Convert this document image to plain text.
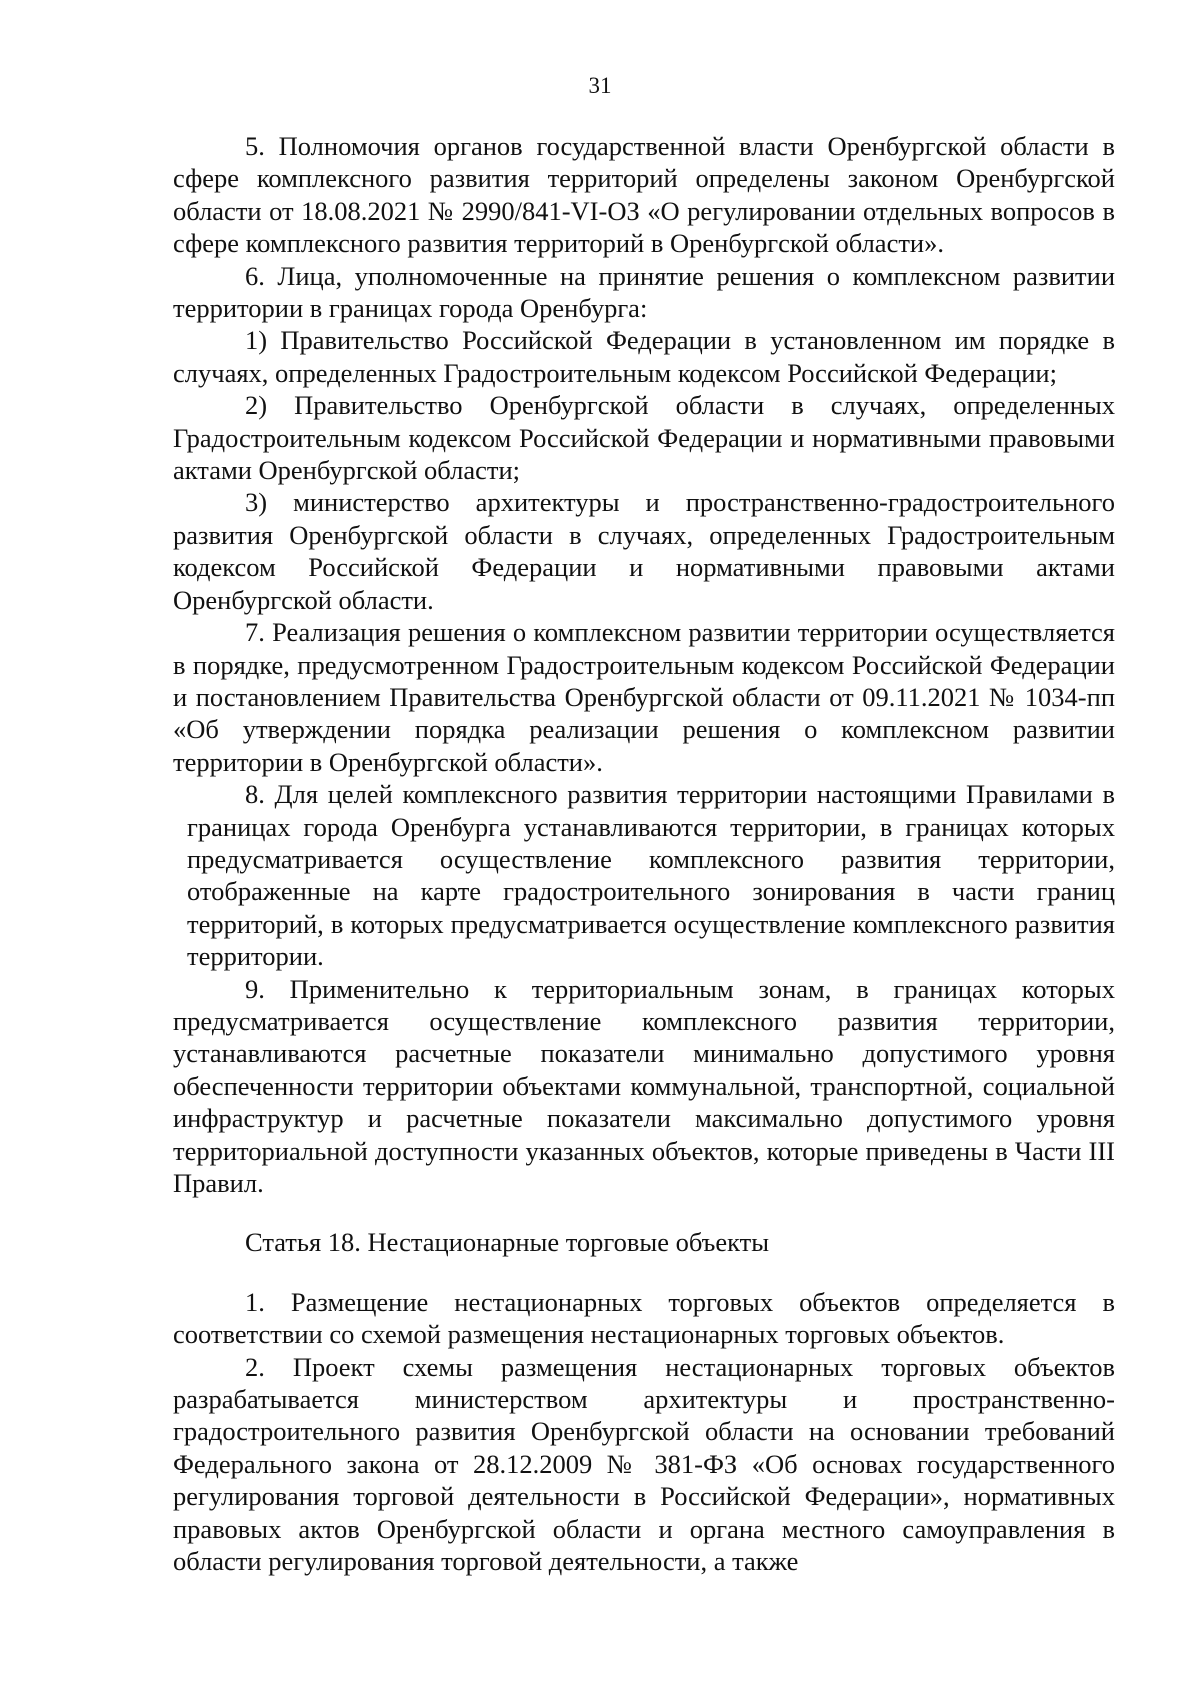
31

5. Полномочия органов государственной власти Оренбургской области в сфере комплексного развития территорий определены законом Оренбургской области от 18.08.2021 № 2990/841-VI-ОЗ «О регулировании отдельных вопросов в сфере комплексного развития территорий в Оренбургской области».

6. Лица, уполномоченные на принятие решения о комплексном развитии территории в границах города Оренбурга:

1) Правительство Российской Федерации в установленном им порядке в случаях, определенных Градостроительным кодексом Российской Федерации;

2) Правительство Оренбургской области в случаях, определенных Градостроительным кодексом Российской Федерации и нормативными правовыми актами Оренбургской области;

3) министерство архитектуры и пространственно-градостроительного развития Оренбургской области в случаях, определенных Градостроительным кодексом Российской Федерации и нормативными правовыми актами Оренбургской области.

7. Реализация решения о комплексном развитии территории осуществляется в порядке, предусмотренном Градостроительным кодексом Российской Федерации и постановлением Правительства Оренбургской области от 09.11.2021 № 1034-пп «Об утверждении порядка реализации решения о комплексном развитии территории в Оренбургской области».

8. Для целей комплексного развития территории настоящими Правилами в границах города Оренбурга устанавливаются территории, в границах которых предусматривается осуществление комплексного развития территории, отображенные на карте градостроительного зонирования в части границ территорий, в которых предусматривается осуществление комплексного развития территории.

9. Применительно к территориальным зонам, в границах которых предусматривается осуществление комплексного развития территории, устанавливаются расчетные показатели минимально допустимого уровня обеспеченности территории объектами коммунальной, транспортной, социальной инфраструктур и расчетные показатели максимально допустимого уровня территориальной доступности указанных объектов, которые приведены в Части III Правил.

Статья 18. Нестационарные торговые объекты

1. Размещение нестационарных торговых объектов определяется в соответствии со схемой размещения нестационарных торговых объектов.

2. Проект схемы размещения нестационарных торговых объектов разрабатывается министерством архитектуры и пространственно-градостроительного развития Оренбургской области на основании требований Федерального закона от 28.12.2009 № 381-ФЗ «Об основах государственного регулирования торговой деятельности в Российской Федерации», нормативных правовых актов Оренбургской области и органа местного самоуправления в области регулирования торговой деятельности, а также
